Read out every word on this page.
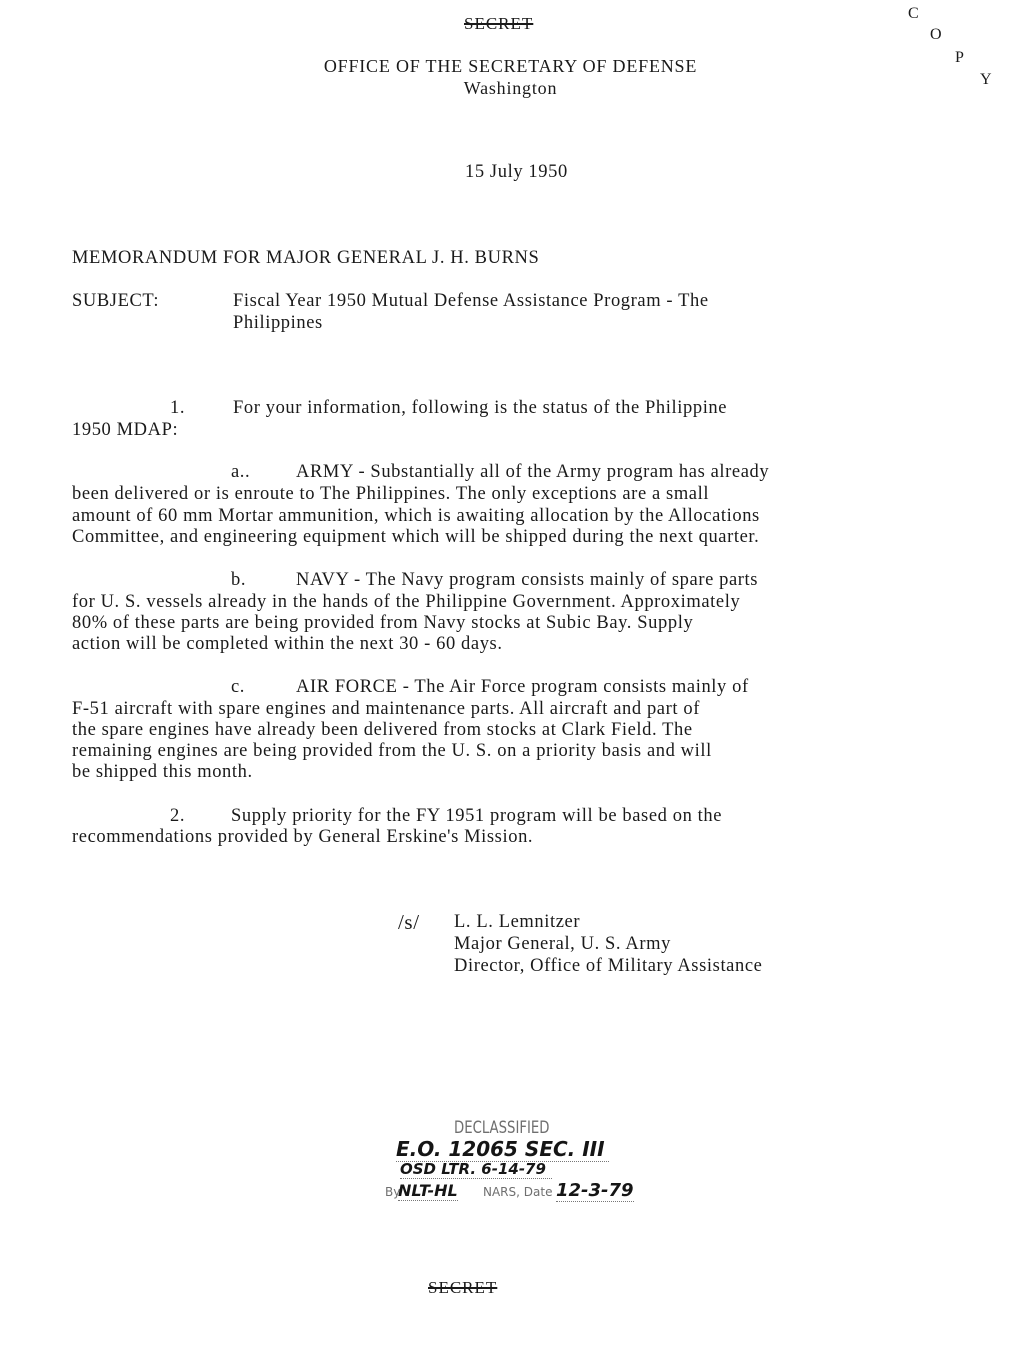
SECRET
C
O
P
Y
OFFICE OF THE SECRETARY OF DEFENSE
Washington
15 July 1950
MEMORANDUM FOR MAJOR GENERAL J. H. BURNS
SUBJECT:	Fiscal Year 1950 Mutual Defense Assistance Program - The
Philippines
1.	For your information, following is the status of the Philippine
1950 MDAP:
a.. ARMY - Substantially all of the Army program has already
been delivered or is enroute to The Philippines. The only exceptions are a small
amount of 60 mm Mortar ammunition, which is awaiting allocation by the Allocations
Committee, and engineering equipment which will be shipped during the next quarter.
b.	NAVY - The Navy program consists mainly of spare parts
for U. S. vessels already in the hands of the Philippine Government. Approximately
80% of these parts are being provided from Navy stocks at Subic Bay. Supply
action will be completed within the next 30 - 60 days.
c.	AIR FORCE - The Air Force program consists mainly of
F-51 aircraft with spare engines and maintenance parts. All aircraft and part of
the spare engines have already been delivered from stocks at Clark Field. The
remaining engines are being provided from the U. S. on a priority basis and will
be shipped this month.
2. Supply priority for the FY 1951 program will be based on the
recommendations provided by General Erskine's Mission.
/s/ L. L. Lemnitzer
Major General, U. S. Army
Director, Office of Military Assistance
DECLASSIFIED
E.O. 12065 SEC. III
OSD LTR. 6-14-79
By
NLT-HL NARS, Date 12-3-79
SECRET
